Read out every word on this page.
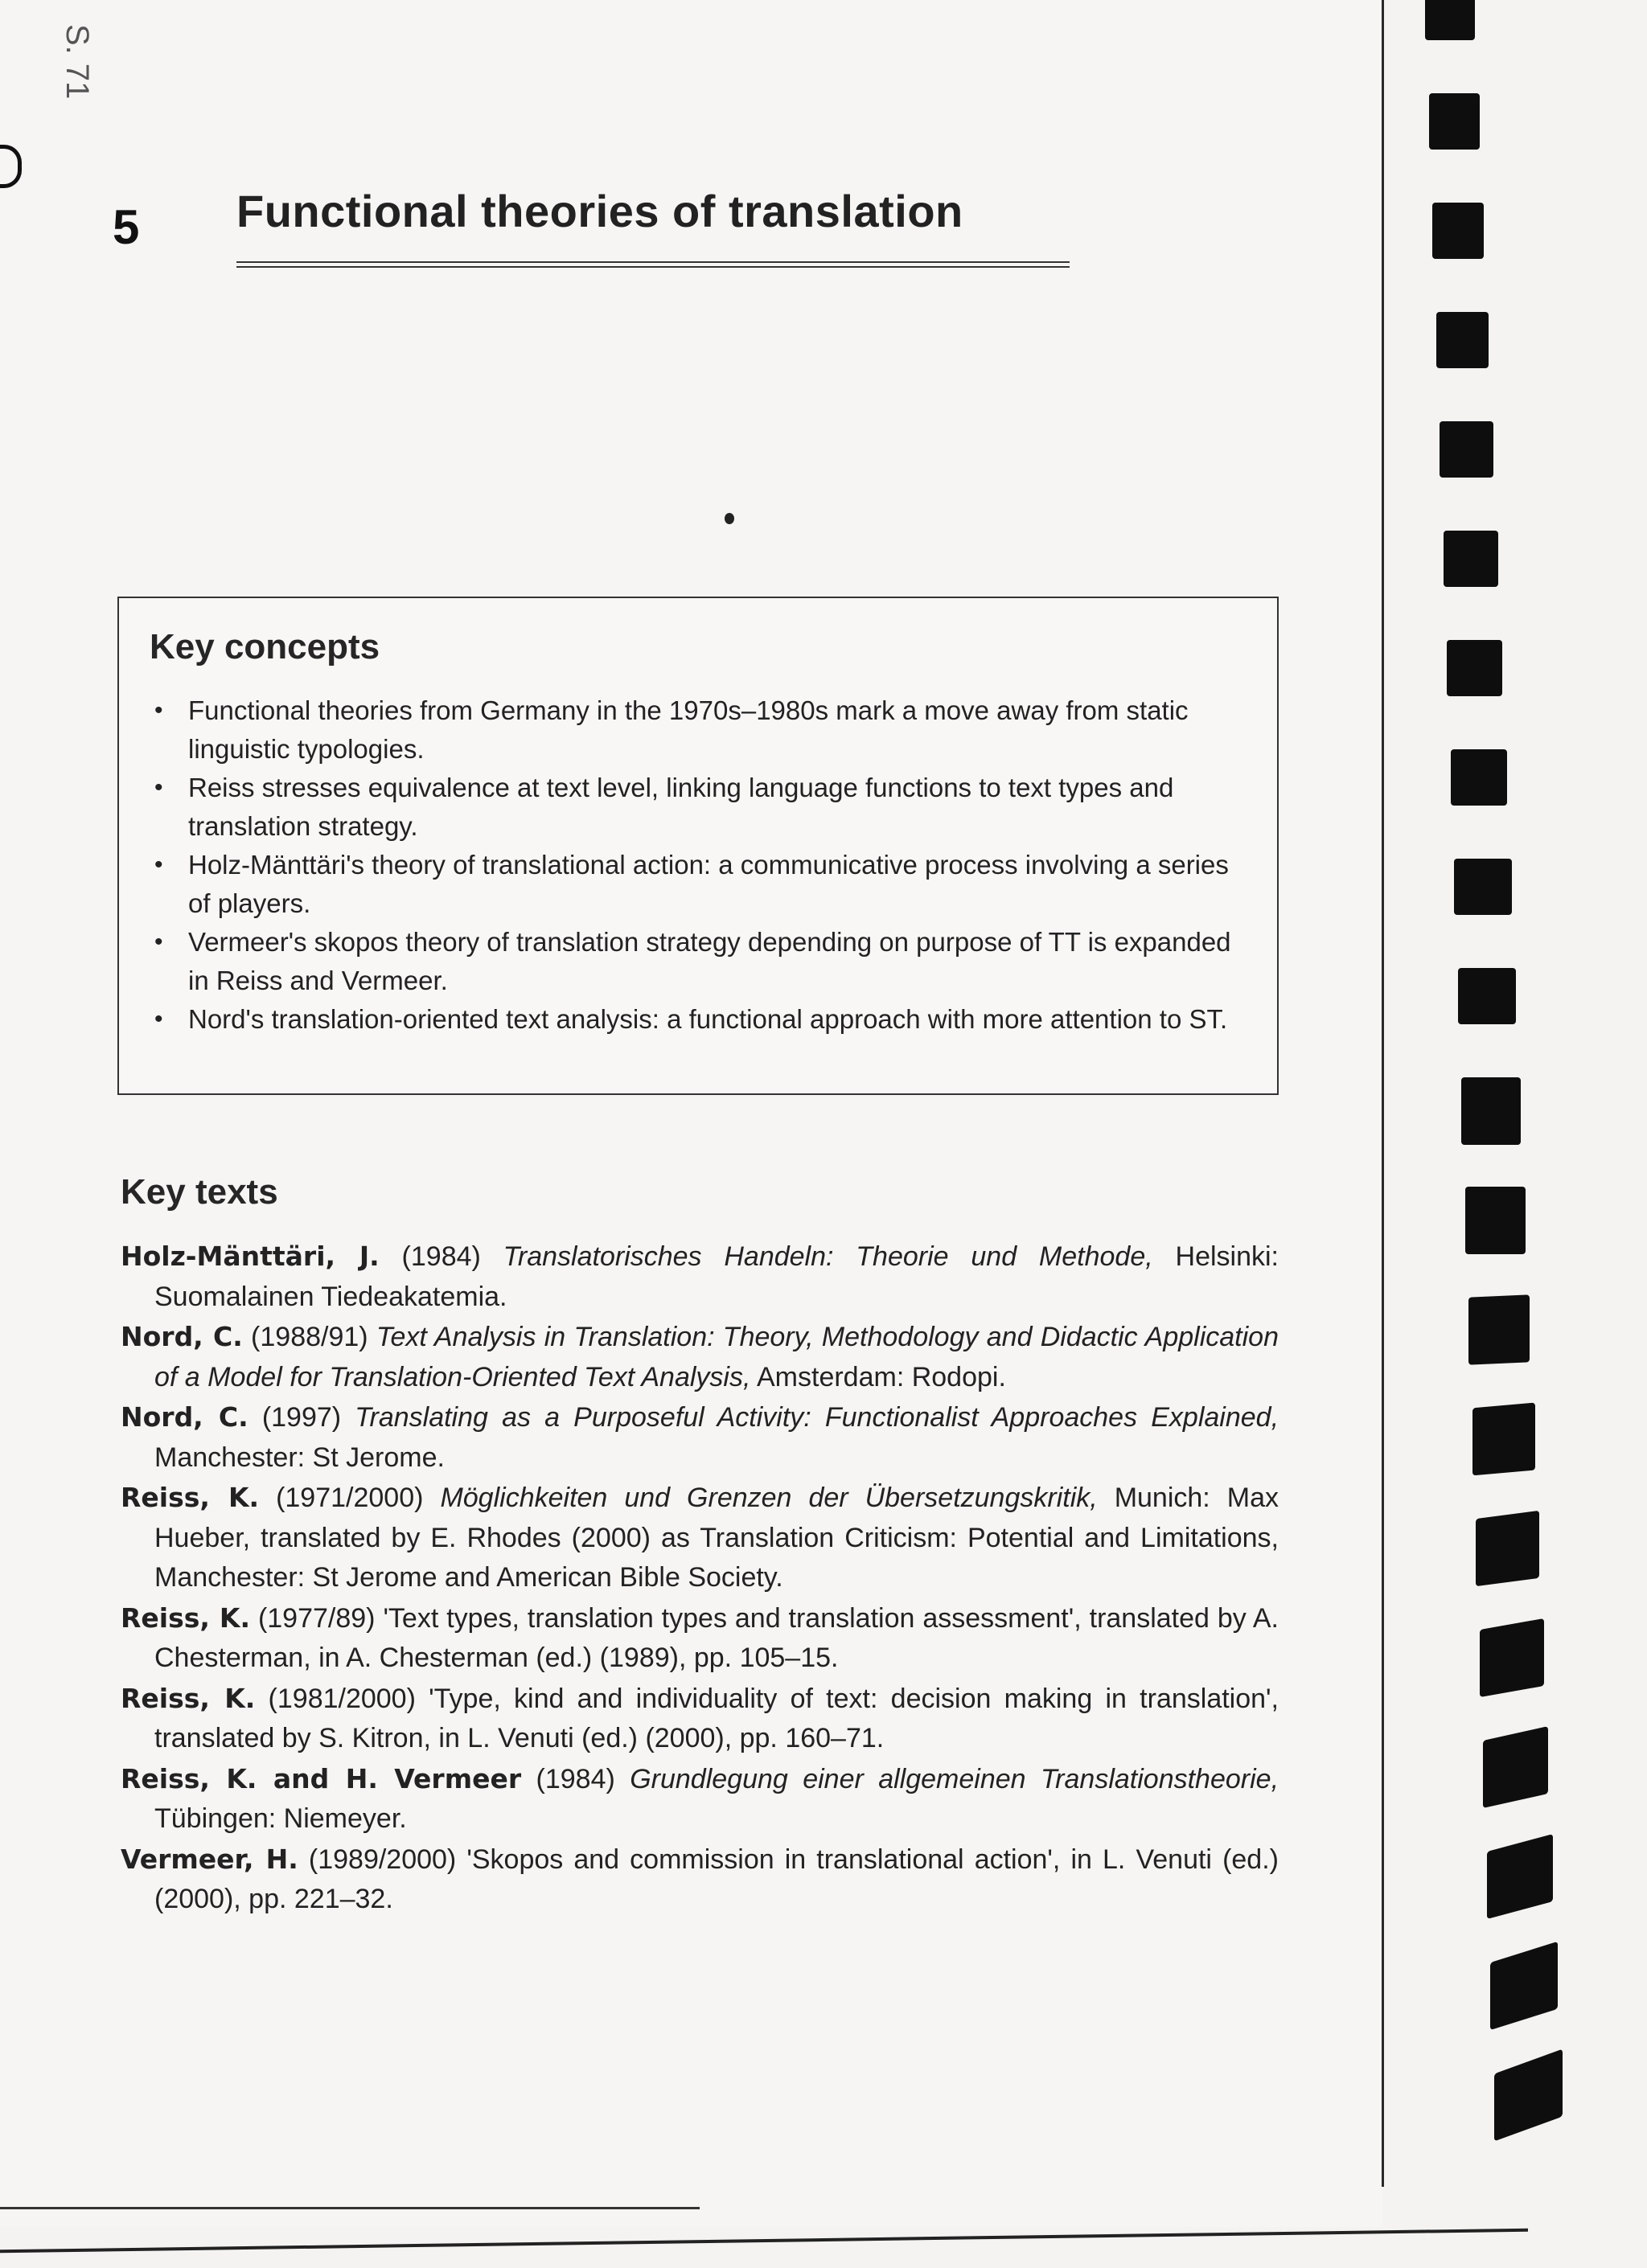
S. 71
5 Functional theories of translation
Key concepts
• Functional theories from Germany in the 1970s–1980s mark a move away from static linguistic typologies.
• Reiss stresses equivalence at text level, linking language functions to text types and translation strategy.
• Holz-Mänttäri's theory of translational action: a communicative process involving a series of players.
• Vermeer's skopos theory of translation strategy depending on purpose of TT is expanded in Reiss and Vermeer.
• Nord's translation-oriented text analysis: a functional approach with more attention to ST.
Key texts
Holz-Mänttäri, J. (1984) Translatorisches Handeln: Theorie und Methode, Helsinki: Suomalainen Tiedeakatemia.
Nord, C. (1988/91) Text Analysis in Translation: Theory, Methodology and Didactic Application of a Model for Translation-Oriented Text Analysis, Amsterdam: Rodopi.
Nord, C. (1997) Translating as a Purposeful Activity: Functionalist Approaches Explained, Manchester: St Jerome.
Reiss, K. (1971/2000) Möglichkeiten und Grenzen der Übersetzungskritik, Munich: Max Hueber, translated by E. Rhodes (2000) as Translation Criticism: Potential and Limitations, Manchester: St Jerome and American Bible Society.
Reiss, K. (1977/89) 'Text types, translation types and translation assessment', translated by A. Chesterman, in A. Chesterman (ed.) (1989), pp. 105–15.
Reiss, K. (1981/2000) 'Type, kind and individuality of text: decision making in translation', translated by S. Kitron, in L. Venuti (ed.) (2000), pp. 160–71.
Reiss, K. and H. Vermeer (1984) Grundlegung einer allgemeinen Translationstheorie, Tübingen: Niemeyer.
Vermeer, H. (1989/2000) 'Skopos and commission in translational action', in L. Venuti (ed.) (2000), pp. 221–32.
